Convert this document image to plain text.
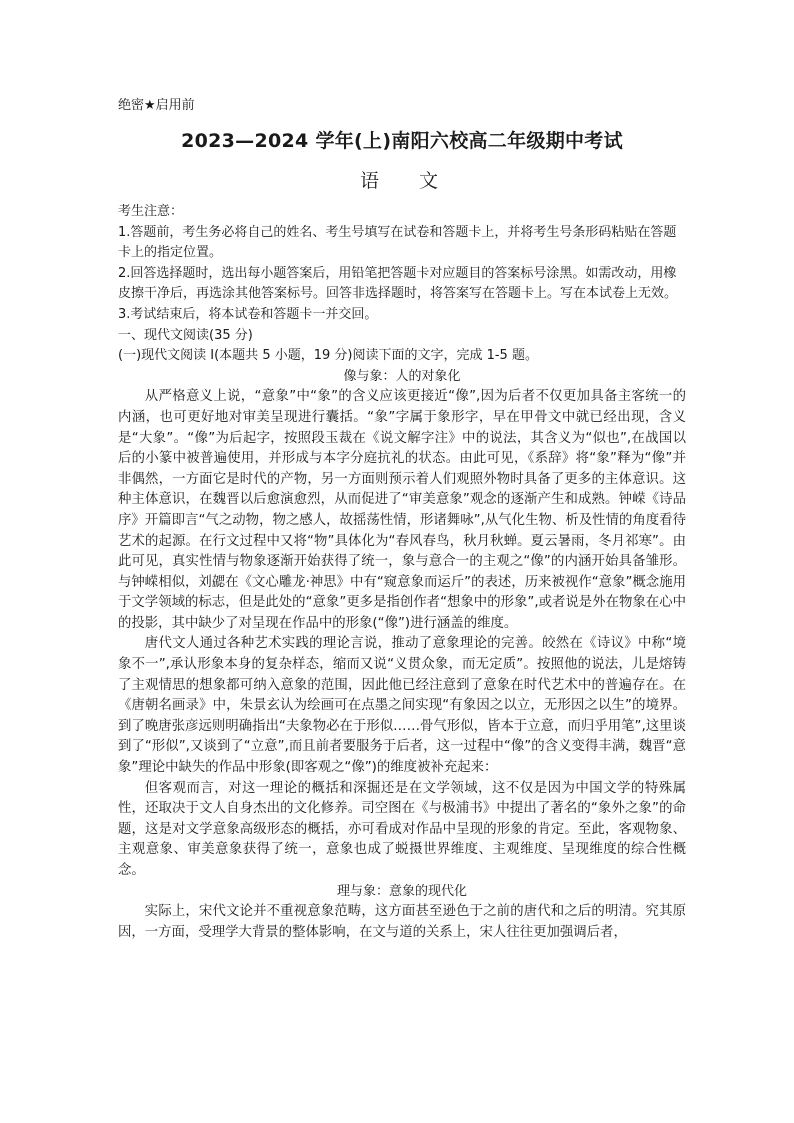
绝密★启用前
2023—2024 学年(上)南阳六校高二年级期中考试
语 文

考生注意：

1.答题前，考生务必将自己的姓名、考生号填写在试卷和答题卡上，并将考生号条形码粘贴在答题卡上的指定位置。

2.回答选择题时，选出每小题答案后，用铅笔把答题卡对应题目的答案标号涂黑。如需改动，用橡皮擦干净后，再选涂其他答案标号。回答非选择题时，将答案写在答题卡上。写在本试卷上无效。

3.考试结束后，将本试卷和答题卡一并交回。

一、现代文阅读(35 分)

(一)现代文阅读 I(本题共 5 小题，19 分)阅读下面的文字，完成 1-5 题。

像与象：人的对象化

从严格意义上说，“意象”中“象”的含义应该更接近“像”,因为后者不仅更加具备主客统一的内涵，也可更好地对审美呈现进行囊括。“象”字属于象形字，早在甲骨文中就已经出现，含义是“大象”。“像”为后起字，按照段玉裁在《说文解字注》中的说法，其含义为“似也”,在战国以后的小篆中被普遍使用，并形成与本字分庭抗礼的状态。由此可见，《系辞》将“象”释为“像”并非偶然，一方面它是时代的产物，另一方面则预示着人们观照外物时具备了更多的主体意识。这种主体意识，在魏晋以后愈演愈烈，从而促进了“审美意象”观念的逐渐产生和成熟。钟嵘《诗品序》开篇即言“气之动物，物之感人，故摇荡性情，形诸舞咏”,从气化生物、析及性情的角度看待艺术的起源。在行文过程中又将“物”具体化为“春风春鸟，秋月秋蝉。夏云暑雨，冬月祁寒”。由此可见，真实性情与物象逐渐开始获得了统一，象与意合一的主观之“像”的内涵开始具备雏形。与钟嵘相似，刘勰在《文心雕龙·神思》中有“窥意象而运斤”的表述，历来被视作“意象”概念施用于文学领域的标志，但是此处的“意象”更多是指创作者“想象中的形象”,或者说是外在物象在心中的投影，其中缺少了对呈现在作品中的形象(“像”)进行涵盖的维度。

唐代文人通过各种艺术实践的理论言说，推动了意象理论的完善。皎然在《诗议》中称“境象不一”,承认形象本身的复杂样态，缩而又说“义贯众象，而无定质”。按照他的说法，儿是熔铸了主观情思的想象都可纳入意象的范围，因此他已经注意到了意象在时代艺术中的普遍存在。在《唐朝名画录》中，朱景玄认为绘画可在点墨之间实现“有象因之以立，无形因之以生”的境界。到了晚唐张彦远则明确指出“夫象物必在于形似……骨气形似，皆本于立意，而归乎用笔”,这里谈到了“形似”,又谈到了“立意”,而且前者要服务于后者，这一过程中“像”的含义变得丰满，魏晋“意象”理论中缺失的作品中形象(即客观之“像”)的维度被补充起来：

但客观而言，对这一理论的概括和深掘还是在文学领域，这不仅是因为中国文学的特殊属性，还取决于文人自身杰出的文化修养。司空图在《与极浦书》中提出了著名的“象外之象”的命题，这是对文学意象高级形态的概括，亦可看成对作品中呈现的形象的肯定。至此，客观物象、主观意象、审美意象获得了统一，意象也成了蜕摄世界维度、主观维度、呈现维度的综合性概念。

理与象：意象的现代化

实际上，宋代文论并不重视意象范畴，这方面甚至逊色于之前的唐代和之后的明清。究其原因，一方面，受理学大背景的整体影响，在文与道的关系上，宋人往往更加强调后者，
